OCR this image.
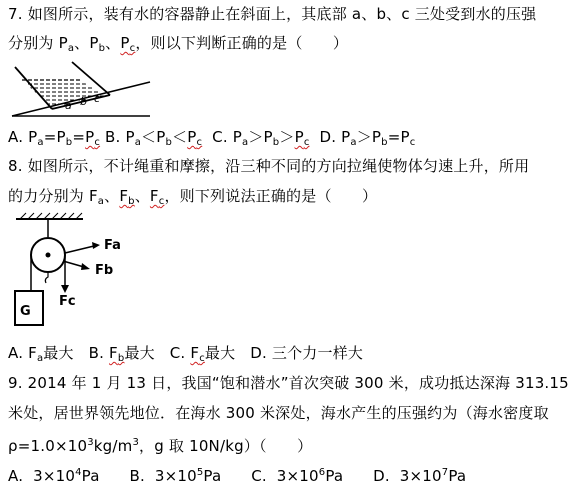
7. 如图所示，装有水的容器静止在斜面上，其底部 a、b、c 三处受到水的压强
分别为 $P_a$、$P_b$、$P_c$，则以下判断正确的是（　　）
a b c
A. $P_a=P_b=P_c$ B. $P_a<P_b<P_c$ C. $P_a>P_b>P_c$ D. $P_a>P_b=P_c$
8. 如图所示，不计绳重和摩擦，沿三种不同的方向拉绳使物体匀速上升，所用
的力分别为 $F_a$、$F_b$、$F_c$，则下列说法正确的是（　　）
G
Fa
Fb
Fc
A. $F_a$最大 B. $F_b$最大 C. $F_c$最大 D. 三个力一样大
9. 2014 年 1 月 13 日，我国“饱和潜水”首次突破 300 米，成功抵达深海 313.15
米处，居世界领先地位．在海水 300 米深处，海水产生的压强约为（海水密度取
$\rho=1.0\times 10^3kg/m^3$，g 取 10N/kg）（　　）
A. $3\times 10^4Pa$ B. $3\times 10^5Pa$ C. $3\times 10^6Pa$ D. $3\times 10^7Pa$
